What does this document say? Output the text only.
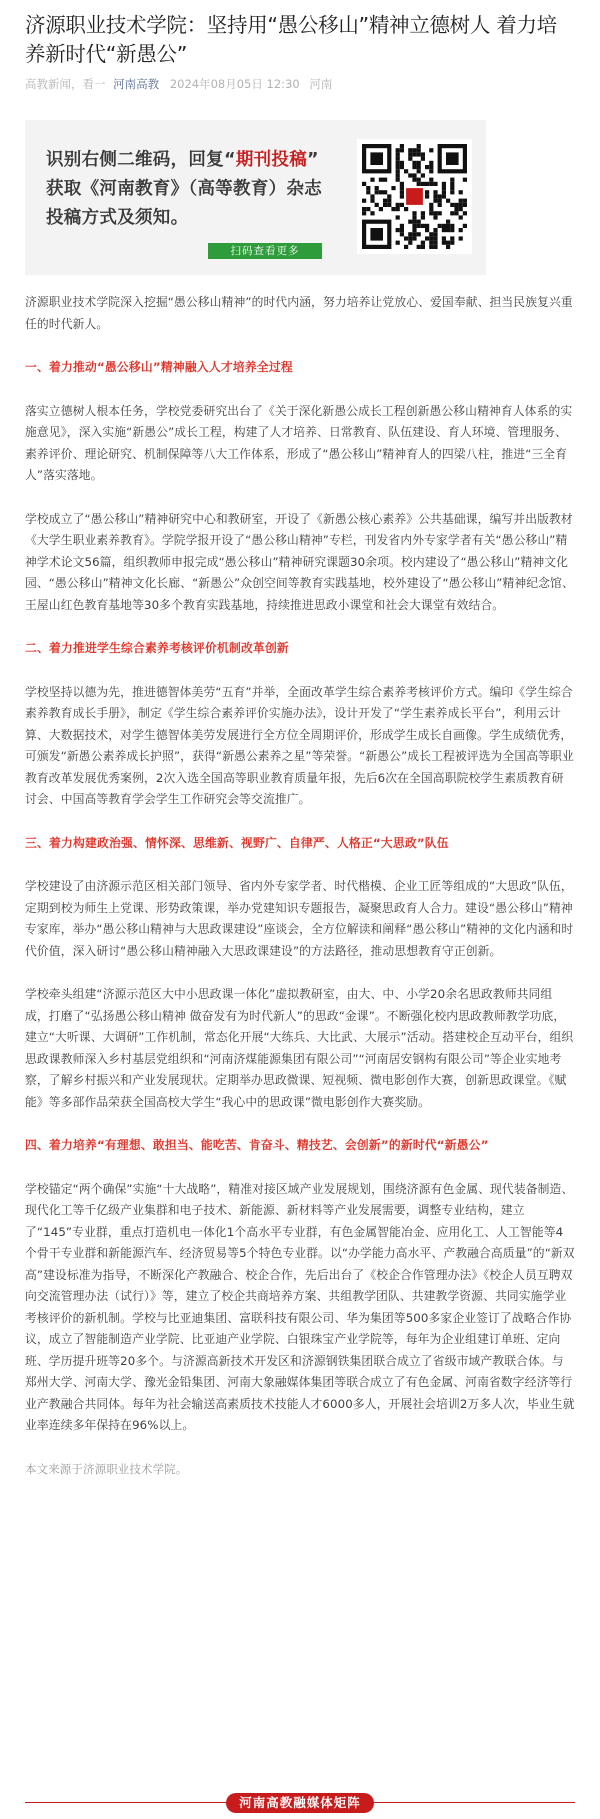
济源职业技术学院：坚持用“愚公移山”精神立德树人 着力培养新时代“新愚公”
高教新闻，看一 河南高教 2024年08月05日 12:30 河南
识别右侧二维码，回复“期刊投稿”
获取《河南教育》（高等教育）杂志
投稿方式及须知。
扫码查看更多

济源职业技术学院深入挖掘“愚公移山精神”的时代内涵，努力培养让党放心、爱国奉献、担当民族复兴重任的时代新人。

一、着力推动“愚公移山”精神融入人才培养全过程

落实立德树人根本任务，学校党委研究出台了《关于深化新愚公成长工程创新愚公移山精神育人体系的实施意见》，深入实施“新愚公”成长工程，构建了人才培养、日常教育、队伍建设、育人环境、管理服务、素养评价、理论研究、机制保障等八大工作体系，形成了“愚公移山”精神育人的四梁八柱，推进“三全育人”落实落地。

学校成立了“愚公移山”精神研究中心和教研室，开设了《新愚公核心素养》公共基础课，编写并出版教材《大学生职业素养教育》。学院学报开设了“愚公移山精神”专栏，刊发省内外专家学者有关“愚公移山”精神学术论文56篇，组织教师申报完成“愚公移山”精神研究课题30余项。校内建设了“愚公移山”精神文化园、“愚公移山”精神文化长廊、“新愚公”众创空间等教育实践基地，校外建设了“愚公移山”精神纪念馆、王屋山红色教育基地等30多个教育实践基地，持续推进思政小课堂和社会大课堂有效结合。

二、着力推进学生综合素养考核评价机制改革创新

学校坚持以德为先，推进德智体美劳“五育”并举，全面改革学生综合素养考核评价方式。编印《学生综合素养教育成长手册》，制定《学生综合素养评价实施办法》，设计开发了“学生素养成长平台”，利用云计算、大数据技术，对学生德智体美劳发展进行全方位全周期评价，形成学生成长自画像。学生成绩优秀，可颁发“新愚公素养成长护照”，获得“新愚公素养之星”等荣誉。“新愚公”成长工程被评选为全国高等职业教育改革发展优秀案例，2次入选全国高等职业教育质量年报，先后6次在全国高职院校学生素质教育研讨会、中国高等教育学会学生工作研究会等交流推广。

三、着力构建政治强、情怀深、思维新、视野广、自律严、人格正“大思政”队伍

学校建设了由济源示范区相关部门领导、省内外专家学者、时代楷模、企业工匠等组成的“大思政”队伍，定期到校为师生上党课、形势政策课，举办党建知识专题报告，凝聚思政育人合力。建设“愚公移山”精神专家库，举办“愚公移山精神与大思政课建设”座谈会，全方位解读和阐释“愚公移山”精神的文化内涵和时代价值，深入研讨“愚公移山精神融入大思政课建设”的方法路径，推动思想教育守正创新。

学校牵头组建“济源示范区大中小思政课一体化”虚拟教研室，由大、中、小学20余名思政教师共同组成，打磨了“弘扬愚公移山精神 做奋发有为时代新人”的思政“金课”。不断强化校内思政教师教学功底，建立“大听课、大调研”工作机制，常态化开展“大练兵、大比武、大展示”活动。搭建校企互动平台，组织思政课教师深入乡村基层党组织和“河南济煤能源集团有限公司”“河南居安钢构有限公司”等企业实地考察，了解乡村振兴和产业发展现状。定期举办思政微课、短视频、微电影创作大赛，创新思政课堂。《赋能》等多部作品荣获全国高校大学生“我心中的思政课”微电影创作大赛奖励。

四、着力培养“有理想、敢担当、能吃苦、肯奋斗、精技艺、会创新”的新时代“新愚公”

学校锚定“两个确保”实施“十大战略”，精准对接区域产业发展规划，围绕济源有色金属、现代装备制造、现代化工等千亿级产业集群和电子技术、新能源、新材料等产业发展需要，调整专业结构，建立了“145”专业群，重点打造机电一体化1个高水平专业群，有色金属智能冶金、应用化工、人工智能等4个骨干专业群和新能源汽车、经济贸易等5个特色专业群。以“办学能力高水平、产教融合高质量”的“新双高”建设标准为指导，不断深化产教融合、校企合作，先后出台了《校企合作管理办法》《校企人员互聘双向交流管理办法（试行）》等，建立了校企共商培养方案、共组教学团队、共建教学资源、共同实施学业考核评价的新机制。学校与比亚迪集团、富联科技有限公司、华为集团等500多家企业签订了战略合作协议，成立了智能制造产业学院、比亚迪产业学院、白银珠宝产业学院等，每年为企业组建订单班、定向班、学历提升班等20多个。与济源高新技术开发区和济源钢铁集团联合成立了省级市域产教联合体。与郑州大学、河南大学、豫光金铅集团、河南大象融媒体集团等联合成立了有色金属、河南省数字经济等行业产教融合共同体。每年为社会输送高素质技术技能人才6000多人，开展社会培训2万多人次，毕业生就业率连续多年保持在96%以上。

本文来源于济源职业技术学院。
河南高教融媒体矩阵
